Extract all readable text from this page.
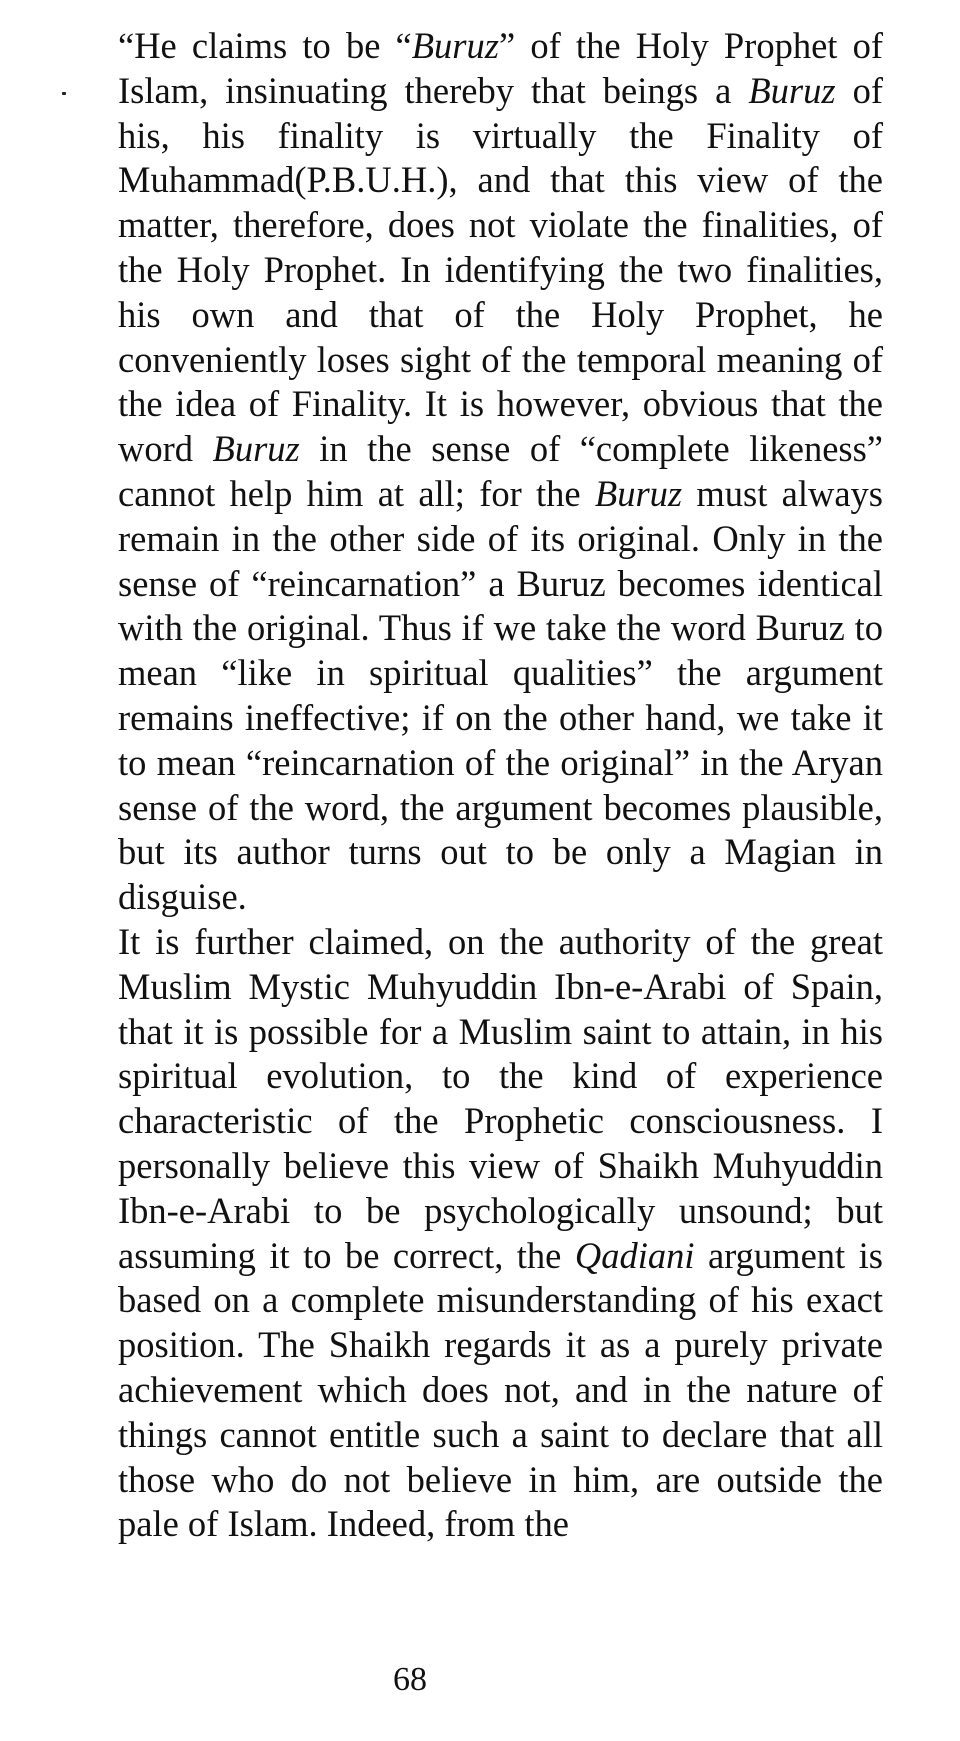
“He claims to be “Buruz” of the Holy Prophet of Islam, insinuating thereby that beings a Buruz of his, his finality is virtually the Finality of Muhammad(P.B.U.H.), and that this view of the matter, therefore, does not violate the finalities, of the Holy Prophet. In identifying the two finalities, his own and that of the Holy Prophet, he conveniently loses sight of the temporal meaning of the idea of Finality. It is however, obvious that the word Buruz in the sense of “complete likeness” cannot help him at all; for the Buruz must always remain in the other side of its original. Only in the sense of “reincarnation” a Buruz becomes identical with the original. Thus if we take the word Buruz to mean “like in spiritual qualities” the argument remains ineffective; if on the other hand, we take it to mean “reincarnation of the original” in the Aryan sense of the word, the argument becomes plausible, but its author turns out to be only a Magian in disguise.

It is further claimed, on the authority of the great Muslim Mystic Muhyuddin Ibn-e-Arabi of Spain, that it is possible for a Muslim saint to attain, in his spiritual evolution, to the kind of experience characteristic of the Prophetic consciousness. I personally believe this view of Shaikh Muhyuddin Ibn-e-Arabi to be psychologically unsound; but assuming it to be correct, the Qadiani argument is based on a complete misunderstanding of his exact position. The Shaikh regards it as a purely private achievement which does not, and in the nature of things cannot entitle such a saint to declare that all those who do not believe in him, are outside the pale of Islam. Indeed, from the

68
